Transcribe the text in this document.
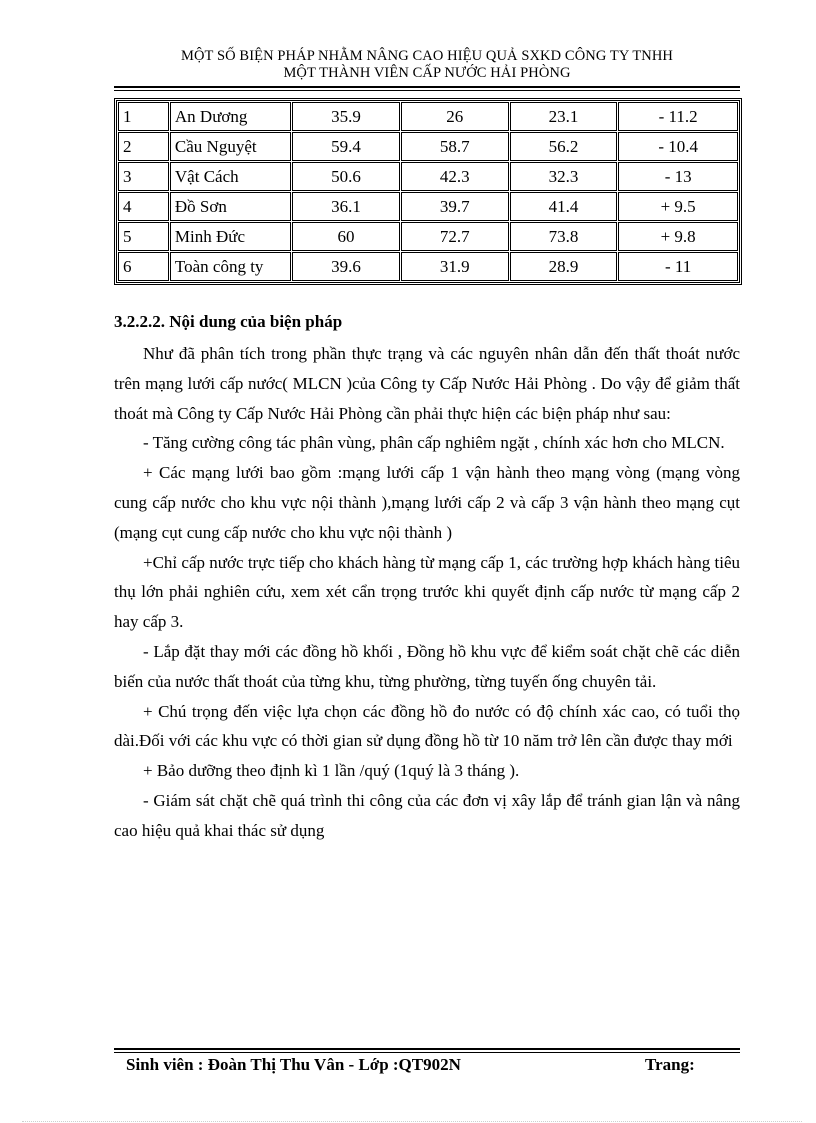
MỘT SỐ BIỆN PHÁP NHẰM NÂNG CAO HIỆU QUẢ SXKD CÔNG TY TNHH
MỘT THÀNH VIÊN CẤP NƯỚC HẢI PHÒNG
1	An Dương	35.9	26	23.1	- 11.2
2	Cầu Nguyệt	59.4	58.7	56.2	- 10.4
3	Vật Cách	50.6	42.3	32.3	- 13
4	Đồ Sơn	36.1	39.7	41.4	+ 9.5
5	Minh Đức	60	72.7	73.8	+ 9.8
6	Toàn công ty	39.6	31.9	28.9	- 11
3.2.2.2. Nội dung của biện pháp

Như đã phân tích trong phần thực trạng và các nguyên nhân dẫn đến thất thoát nước trên mạng lưới cấp nước( MLCN )của Công ty Cấp Nước Hải Phòng . Do vậy để giảm thất thoát mà Công ty Cấp Nước Hải Phòng cần phải thực hiện các biện pháp như sau:

- Tăng cường công tác phân vùng, phân cấp nghiêm ngặt , chính xác hơn cho MLCN.

+ Các mạng lưới bao gồm :mạng lưới cấp 1 vận hành theo mạng vòng (mạng vòng cung cấp nước cho khu vực nội thành ),mạng lưới cấp 2 và cấp 3 vận hành theo mạng cụt (mạng cụt cung cấp nước cho khu vực nội thành )

+Chỉ cấp nước trực tiếp cho khách hàng từ mạng cấp 1, các trường hợp khách hàng tiêu thụ lớn phải nghiên cứu, xem xét cẩn trọng trước khi quyết định cấp nước từ mạng cấp 2 hay cấp 3.

- Lắp đặt thay mới các đồng hồ khối , Đồng hồ khu vực để kiểm soát chặt chẽ các diễn biến của nước thất thoát của từng khu, từng phường, từng tuyến ống chuyên tải.

+ Chú trọng đến việc lựa chọn các đồng hồ đo nước có độ chính xác cao, có tuổi thọ dài.Đối với các khu vực có thời gian sử dụng đồng hồ từ 10 năm trở lên cần được thay mới

+ Bảo dưỡng theo định kì 1 lần /quý (1quý là 3 tháng ).

- Giám sát chặt chẽ quá trình thi công của các đơn vị xây lắp để tránh gian lận và nâng cao hiệu quả khai thác sử dụng

Sinh viên : Đoàn Thị Thu Vân - Lớp :QT902N	Trang:
